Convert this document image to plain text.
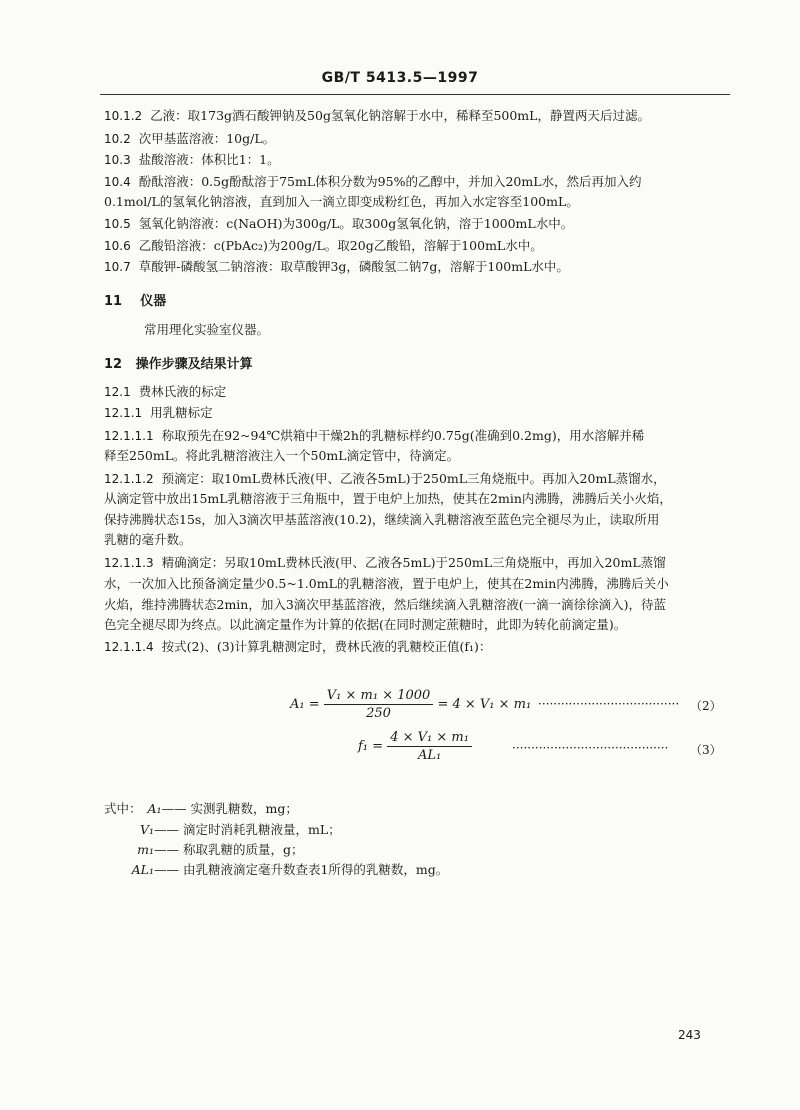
GB/T 5413.5—1997
10.1.2 乙液：取173g酒石酸钾钠及50g氢氧化钠溶解于水中，稀释至500mL，静置两天后过滤。
10.2 次甲基蓝溶液：10g/L。
10.3 盐酸溶液：体积比1：1。
10.4 酚酞溶液：0.5g酚酞溶于75mL体积分数为95%的乙醇中，并加入20mL水，然后再加入约
0.1mol/L的氢氧化钠溶液，直到加入一滴立即变成粉红色，再加入水定容至100mL。
10.5 氢氧化钠溶液：c(NaOH)为300g/L。取300g氢氧化钠，溶于1000mL水中。
10.6 乙酸铅溶液：c(PbAc₂)为200g/L。取20g乙酸铅，溶解于100mL水中。
10.7 草酸钾-磷酸氢二钠溶液：取草酸钾3g，磷酸氢二钠7g，溶解于100mL水中。
11 仪器
常用理化实验室仪器。
12 操作步骤及结果计算
12.1 费林氏液的标定
12.1.1 用乳糖标定
12.1.1.1 称取预先在92~94℃烘箱中干燥2h的乳糖标样约0.75g(准确到0.2mg)，用水溶解并稀
释至250mL。将此乳糖溶液注入一个50mL滴定管中，待滴定。
12.1.1.2 预滴定：取10mL费林氏液(甲、乙液各5mL)于250mL三角烧瓶中。再加入20mL蒸馏水，
从滴定管中放出15mL乳糖溶液于三角瓶中，置于电炉上加热，使其在2min内沸腾，沸腾后关小火焰，
保持沸腾状态15s，加入3滴次甲基蓝溶液(10.2)，继续滴入乳糖溶液至蓝色完全褪尽为止，读取所用
乳糖的毫升数。
12.1.1.3 精确滴定：另取10mL费林氏液(甲、乙液各5mL)于250mL三角烧瓶中，再加入20mL蒸馏
水，一次加入比预备滴定量少0.5~1.0mL的乳糖溶液，置于电炉上，使其在2min内沸腾，沸腾后关小
火焰，维持沸腾状态2min，加入3滴次甲基蓝溶液，然后继续滴入乳糖溶液(一滴一滴徐徐滴入)，待蓝
色完全褪尽即为终点。以此滴定量作为计算的依据(在同时测定蔗糖时，此即为转化前滴定量)。
12.1.1.4 按式(2)、(3)计算乳糖测定时，费林氏液的乳糖校正值(f₁)：
$A_1 = \frac{\text{V₁ × m₁ × 1000}}{250} = 4 \times V_1 \times m_1$ ····································· （2）
$f_1 = \frac{\text{4 × V₁ × m₁}}{\text{AL₁}}$	········································· （3）
式中： A₁—— 实测乳糖数，mg；
V₁—— 滴定时消耗乳糖液量，mL；
m₁—— 称取乳糖的质量，g；
AL₁—— 由乳糖液滴定毫升数查表1所得的乳糖数，mg。
243
